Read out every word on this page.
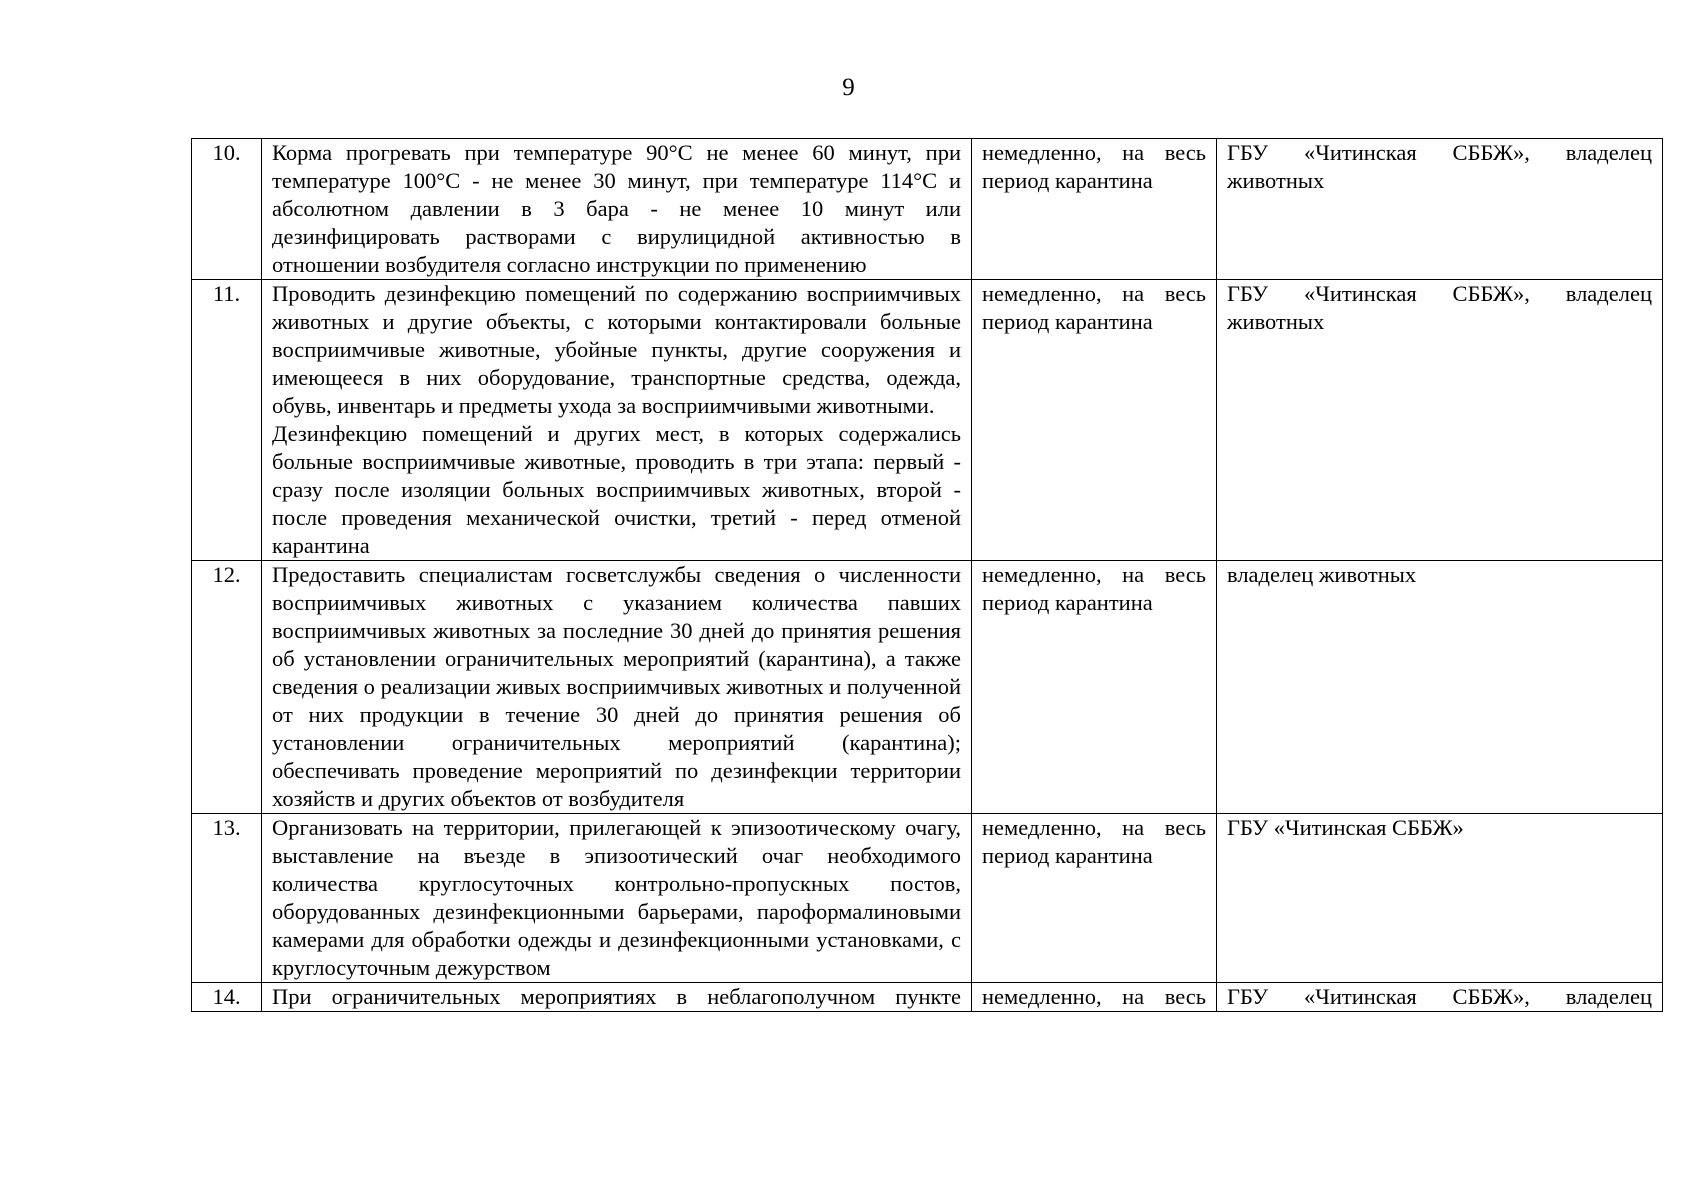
9
10.	Корма прогревать при температуре 90°С не менее 60 минут, при температуре 100°С - не менее 30 минут, при температуре 114°С и абсолютном давлении в 3 бара - не менее 10 минут или дезинфицировать растворами с вирулицидной активностью в отношении возбудителя согласно инструкции по применению	немедленно, на весь период карантина	ГБУ «Читинская СББЖ», владелец животных

11.	Проводить дезинфекцию помещений по содержанию восприимчивых животных и другие объекты, с которыми контактировали больные восприимчивые животные, убойные пункты, другие сооружения и имеющееся в них оборудование, транспортные средства, одежда, обувь, инвентарь и предметы ухода за восприимчивыми животными.

Дезинфекцию помещений и других мест, в которых содержались больные восприимчивые животные, проводить в три этапа: первый - сразу после изоляции больных восприимчивых животных, второй - после проведения механической очистки, третий - перед отменой карантина	немедленно, на весь период карантина	ГБУ «Читинская СББЖ», владелец животных

12.	Предоставить специалистам госветслужбы сведения о численности восприимчивых животных с указанием количества павших восприимчивых животных за последние 30 дней до принятия решения об установлении ограничительных мероприятий (карантина), а также сведения о реализации живых восприимчивых животных и полученной от них продукции в течение 30 дней до принятия решения об установлении ограничительных мероприятий (карантина); обеспечивать проведение мероприятий по дезинфекции территории хозяйств и других объектов от возбудителя	немедленно, на весь период карантина	владелец животных

13.	Организовать на территории, прилегающей к эпизоотическому очагу, выставление на въезде в эпизоотический очаг необходимого количества круглосуточных контрольно-пропускных постов, оборудованных дезинфекционными барьерами, пароформалиновыми камерами для обработки одежды и дезинфекционными установками, с круглосуточным дежурством	немедленно, на весь период карантина	ГБУ «Читинская СББЖ»

14.	При ограничительных мероприятиях в неблагополучном пункте	немедленно, на весь	ГБУ «Читинская СББЖ», владелец
